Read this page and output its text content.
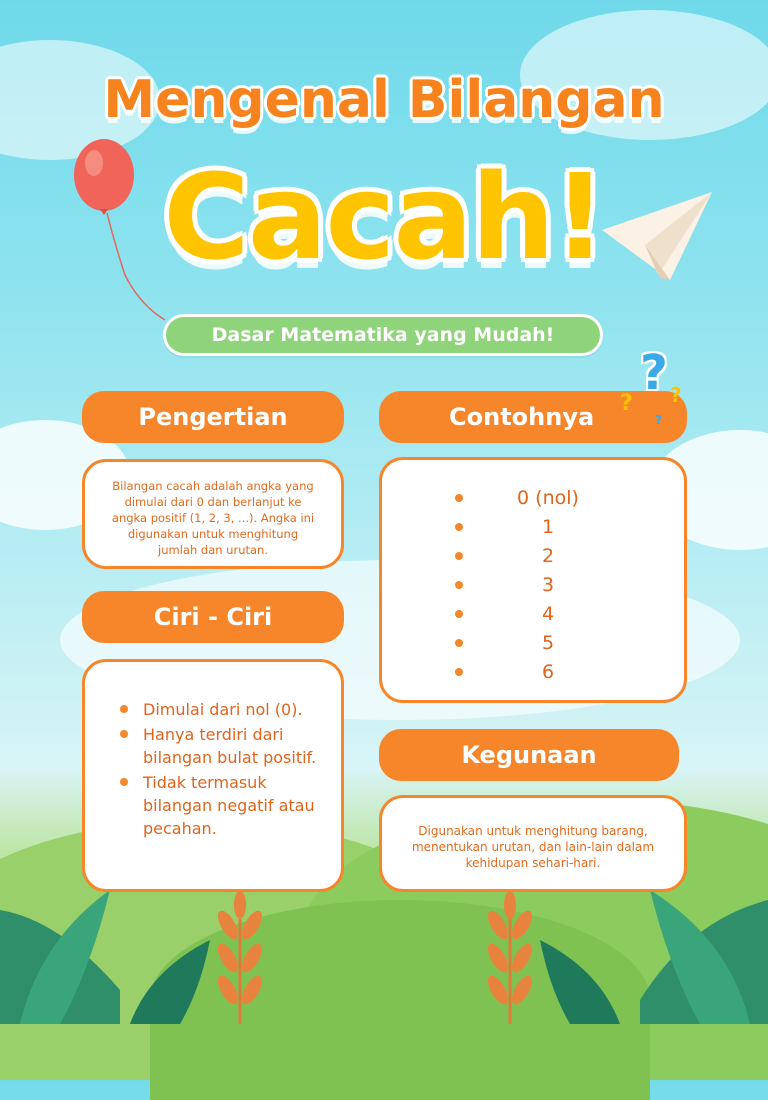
Mengenal Bilangan
Cacah!
Dasar Matematika yang Mudah!
Pengertian
Bilangan cacah adalah angka yang dimulai dari 0 dan berlanjut ke angka positif (1, 2, 3, ...). Angka ini digunakan untuk menghitung jumlah dan urutan.
Contohnya
?
? ?
?
0 (nol)
1
2
3
4
5
6
Ciri - Ciri
Dimulai dari nol (0).
Hanya terdiri dari bilangan bulat positif.
Tidak termasuk bilangan negatif atau pecahan.
Kegunaan
Digunakan untuk menghitung barang, menentukan urutan, dan lain-lain dalam kehidupan sehari-hari.
